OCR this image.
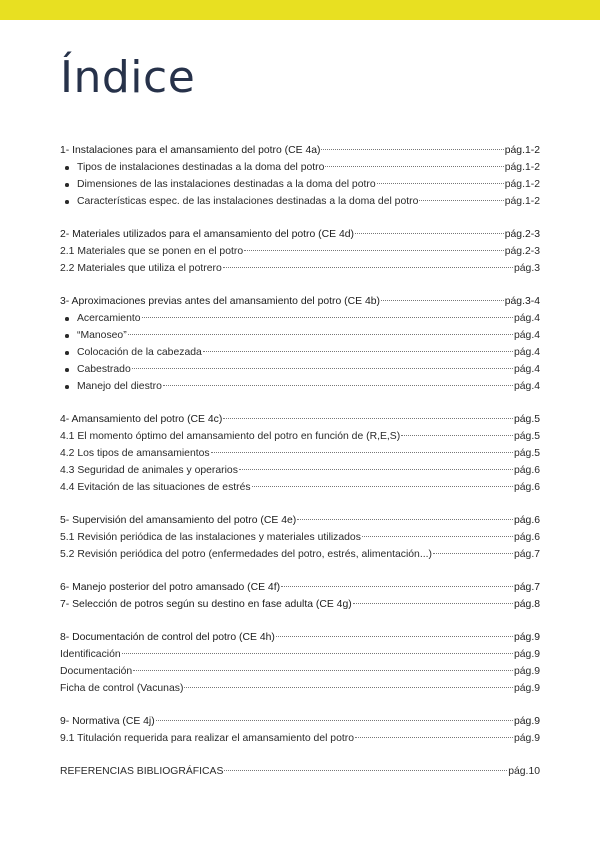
Índice
1- Instalaciones para el amansamiento del potro (CE 4a)	pág.1-2
Tipos de instalaciones destinadas a la doma del potro	pág.1-2
Dimensiones de las instalaciones destinadas a la doma del potro	pág.1-2
Características espec. de las instalaciones destinadas a la doma del potro	pág.1-2
2- Materiales utilizados para el amansamiento del potro (CE 4d)	pág.2-3
2.1 Materiales que se ponen en el potro	pág.2-3
2.2 Materiales que utiliza el potrero	pág.3
3- Aproximaciones previas antes del amansamiento del potro (CE 4b)	pág.3-4
Acercamiento	pág.4
“Manoseo”	pág.4
Colocación de la cabezada	pág.4
Cabestrado	pág.4
Manejo del diestro	pág.4
4- Amansamiento del potro (CE 4c)	pág.5
4.1 El momento óptimo del amansamiento del potro en función de (R,E,S)	pág.5
4.2 Los tipos de amansamientos	pág.5
4.3 Seguridad de animales y operarios	pág.6
4.4 Evitación de las situaciones de estrés	pág.6
5- Supervisión del amansamiento del potro (CE 4e)	pág.6
5.1 Revisión periódica de las instalaciones y materiales utilizados	pág.6
5.2 Revisión periódica del potro (enfermedades del potro, estrés, alimentación...)	pág.7
6- Manejo posterior del potro amansado (CE 4f)	pág.7
7- Selección de potros según su destino en fase adulta (CE 4g)	pág.8
8- Documentación de control del potro (CE 4h)	pág.9
Identificación	pág.9
Documentación	pág.9
Ficha de control (Vacunas)	pág.9
9- Normativa (CE 4j)	pág.9
9.1 Titulación requerida para realizar el amansamiento del potro	pág.9
REFERENCIAS BIBLIOGRÁFICAS	pág.10
